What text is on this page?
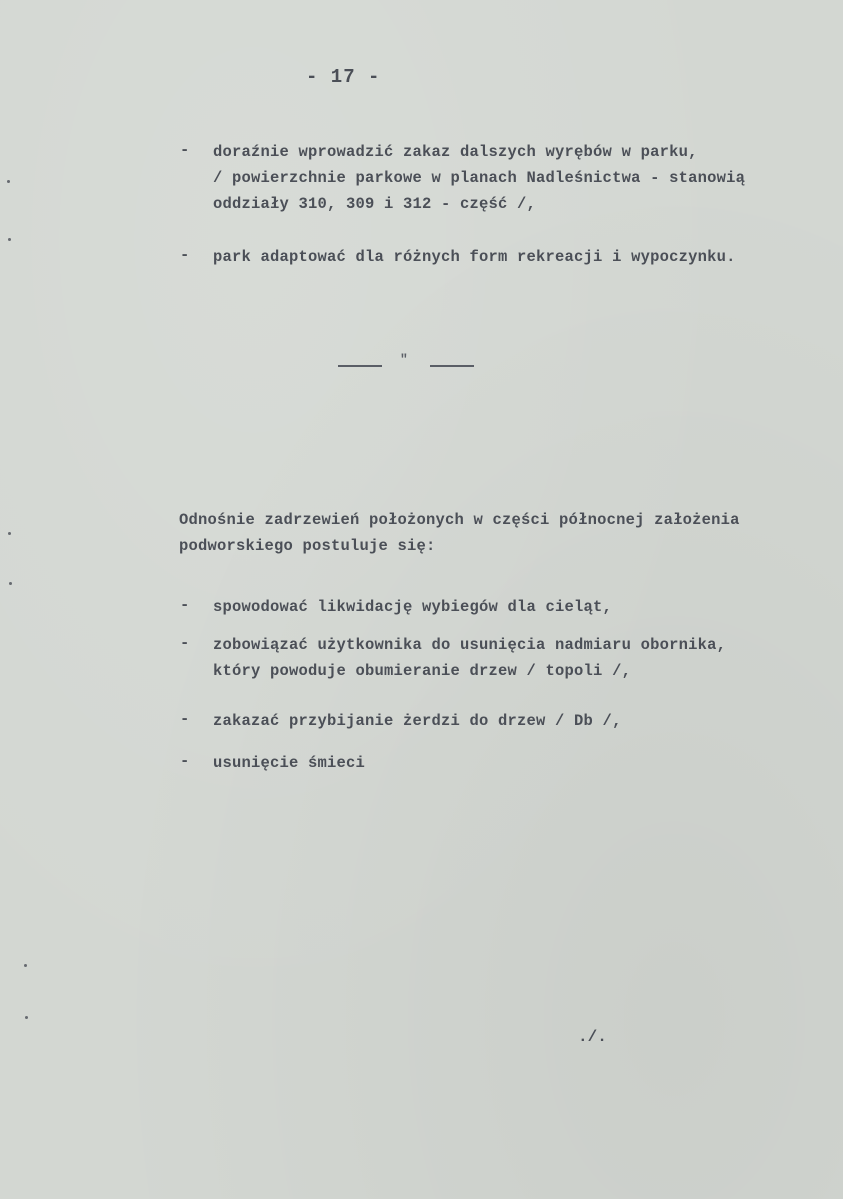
- 17 -
- doraźnie wprowadzić zakaz dalszych wyrębów w parku,
/ powierzchnie parkowe w planach Nadleśnictwa - stanowią
oddziały 310, 309 i 312 - część /,
- park adaptować dla różnych form rekreacji i wypoczynku.
"
Odnośnie zadrzewień położonych w części północnej założenia
podworskiego postuluje się:
- spowodować likwidację wybiegów dla cieląt,
- zobowiązać użytkownika do usunięcia nadmiaru obornika,
który powoduje obumieranie drzew / topoli /,
- zakazać przybijanie żerdzi do drzew / Db /,
- usunięcie śmieci
./.
